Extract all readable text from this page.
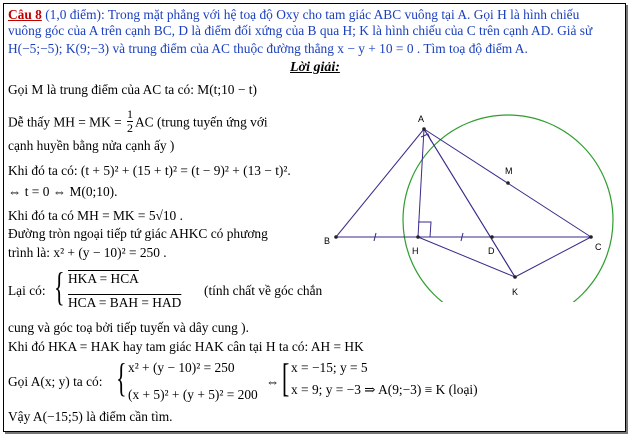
Câu 8 (1,0 điểm): Trong mặt phẳng với hệ toạ độ Oxy cho tam giác ABC vuông tại A. Gọi H là hình chiếu
vuông góc của A trên cạnh BC, D là điểm đối xứng của B qua H; K là hình chiếu của C trên cạnh AD. Giả sử
H(−5;−5); K(9;−3) và trung điểm của AC thuộc đường thẳng x − y + 10 = 0 . Tìm toạ độ điểm A.
Lời giải:
Gọi M là trung điểm của AC ta có: M(t;10 − t)
Dễ thấy MH = MK = $\frac{1}{2}$ AC (trung tuyến ứng với
cạnh huyền bằng nửa cạnh ấy )
Khi đó ta có: (t + 5)² + (15 + t)² = (t − 9)² + (13 − t)².
⇔ t = 0 ⇔ M(0;10).
Khi đó ta có MH = MK = 5√10 .
Đường tròn ngoại tiếp tứ giác AHKC có phương
trình là: x² + (y − 10)² = 250 .
Lại có: { HKA = HCA
HCA = BAH = HAD
(tính chất về góc chắn
cung và góc toạ bởi tiếp tuyến và dây cung ).
Khi đó HKA = HAK hay tam giác HAK cân tại H ta có: AH = HK
Gọi A(x; y) ta có: { x² + (y − 10)² = 250
(x + 5)² + (y + 5)² = 200
⇔ [ x = −15; y = 5
x = 9; y = −3 ⇒ A(9;−3) ≡ K (loại)
Vậy A(−15;5) là điểm cần tìm.
A
B
C
H	D
K
M
